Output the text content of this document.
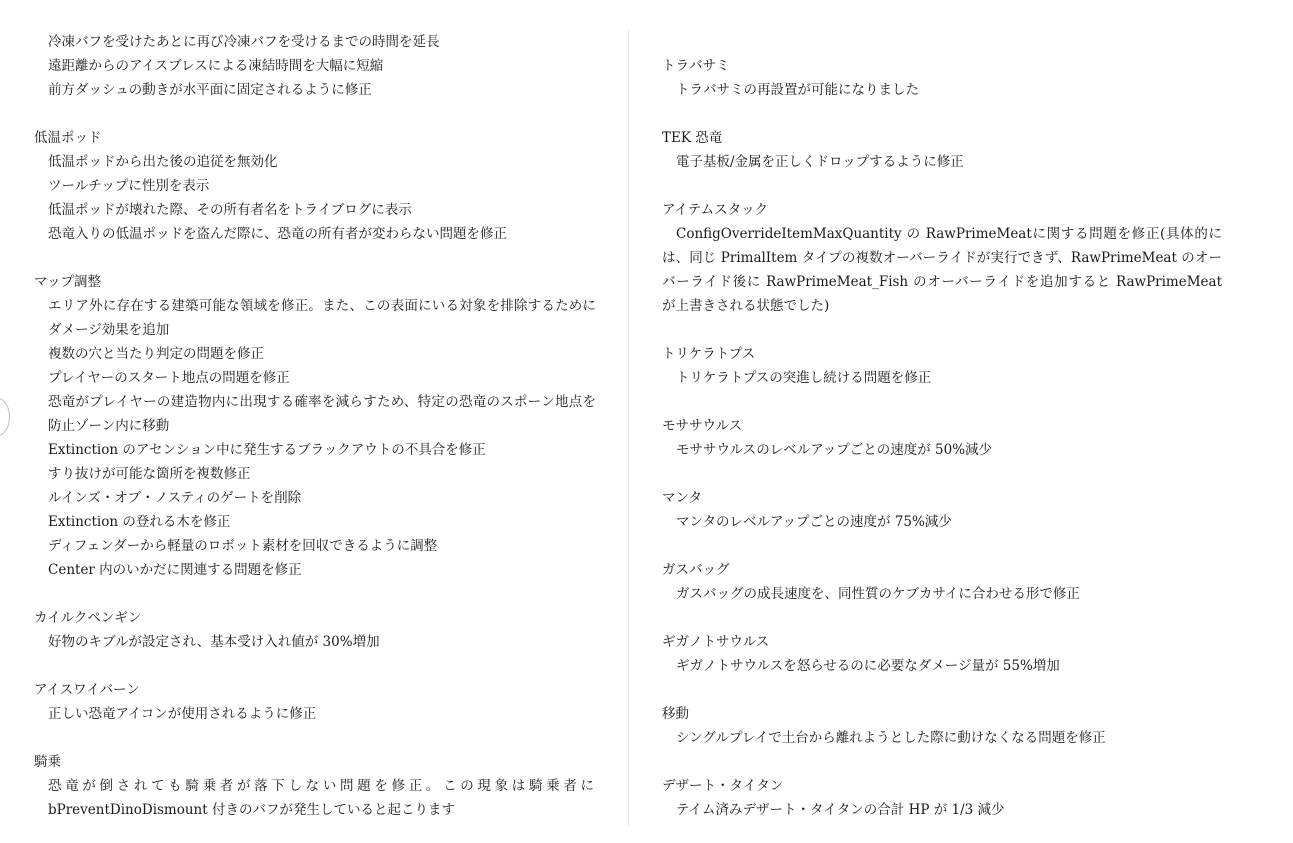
冷凍バフを受けたあとに再び冷凍バフを受けるまでの時間を延長
遠距離からのアイスブレスによる凍結時間を大幅に短縮
前方ダッシュの動きが水平面に固定されるように修正
低温ポッド
低温ポッドから出た後の追従を無効化
ツールチップに性別を表示
低温ポッドが壊れた際、その所有者名をトライブログに表示
恐竜入りの低温ポッドを盗んだ際に、恐竜の所有者が変わらない問題を修正
マップ調整
エリア外に存在する建築可能な領域を修正。また、この表面にいる対象を排除するためにダメージ効果を追加
複数の穴と当たり判定の問題を修正
プレイヤーのスタート地点の問題を修正
恐竜がプレイヤーの建造物内に出現する確率を減らすため、特定の恐竜のスポーン地点を防止ゾーン内に移動
Extinction のアセンション中に発生するブラックアウトの不具合を修正
すり抜けが可能な箇所を複数修正
ルインズ・オブ・ノスティのゲートを削除
Extinction の登れる木を修正
ディフェンダーから軽量のロボット素材を回収できるように調整
Center 内のいかだに関連する問題を修正
カイルクペンギン
好物のキブルが設定され、基本受け入れ値が 30%増加
アイスワイバーン
正しい恐竜アイコンが使用されるように修正
騎乗
恐竜が倒されても騎乗者が落下しない問題を修正。この現象は騎乗者に bPreventDinoDismount 付きのバフが発生していると起こります
トラバサミ
トラバサミの再設置が可能になりました
TEK 恐竜
電子基板/金属を正しくドロップするように修正
アイテムスタック
ConfigOverrideItemMaxQuantity の RawPrimeMeatに関する問題を修正(具体的には、同じ PrimalItem タイプの複数オーバーライドが実行できず、RawPrimeMeat のオーバーライド後に RawPrimeMeat_Fish のオーバーライドを追加すると RawPrimeMeat が上書きされる状態でした)
トリケラトプス
トリケラトプスの突進し続ける問題を修正
モササウルス
モササウルスのレベルアップごとの速度が 50%減少
マンタ
マンタのレベルアップごとの速度が 75%減少
ガスバッグ
ガスバッグの成長速度を、同性質のケブカサイに合わせる形で修正
ギガノトサウルス
ギガノトサウルスを怒らせるのに必要なダメージ量が 55%増加
移動
シングルプレイで土台から離れようとした際に動けなくなる問題を修正
デザート・タイタン
テイム済みデザート・タイタンの合計 HP が 1/3 減少
